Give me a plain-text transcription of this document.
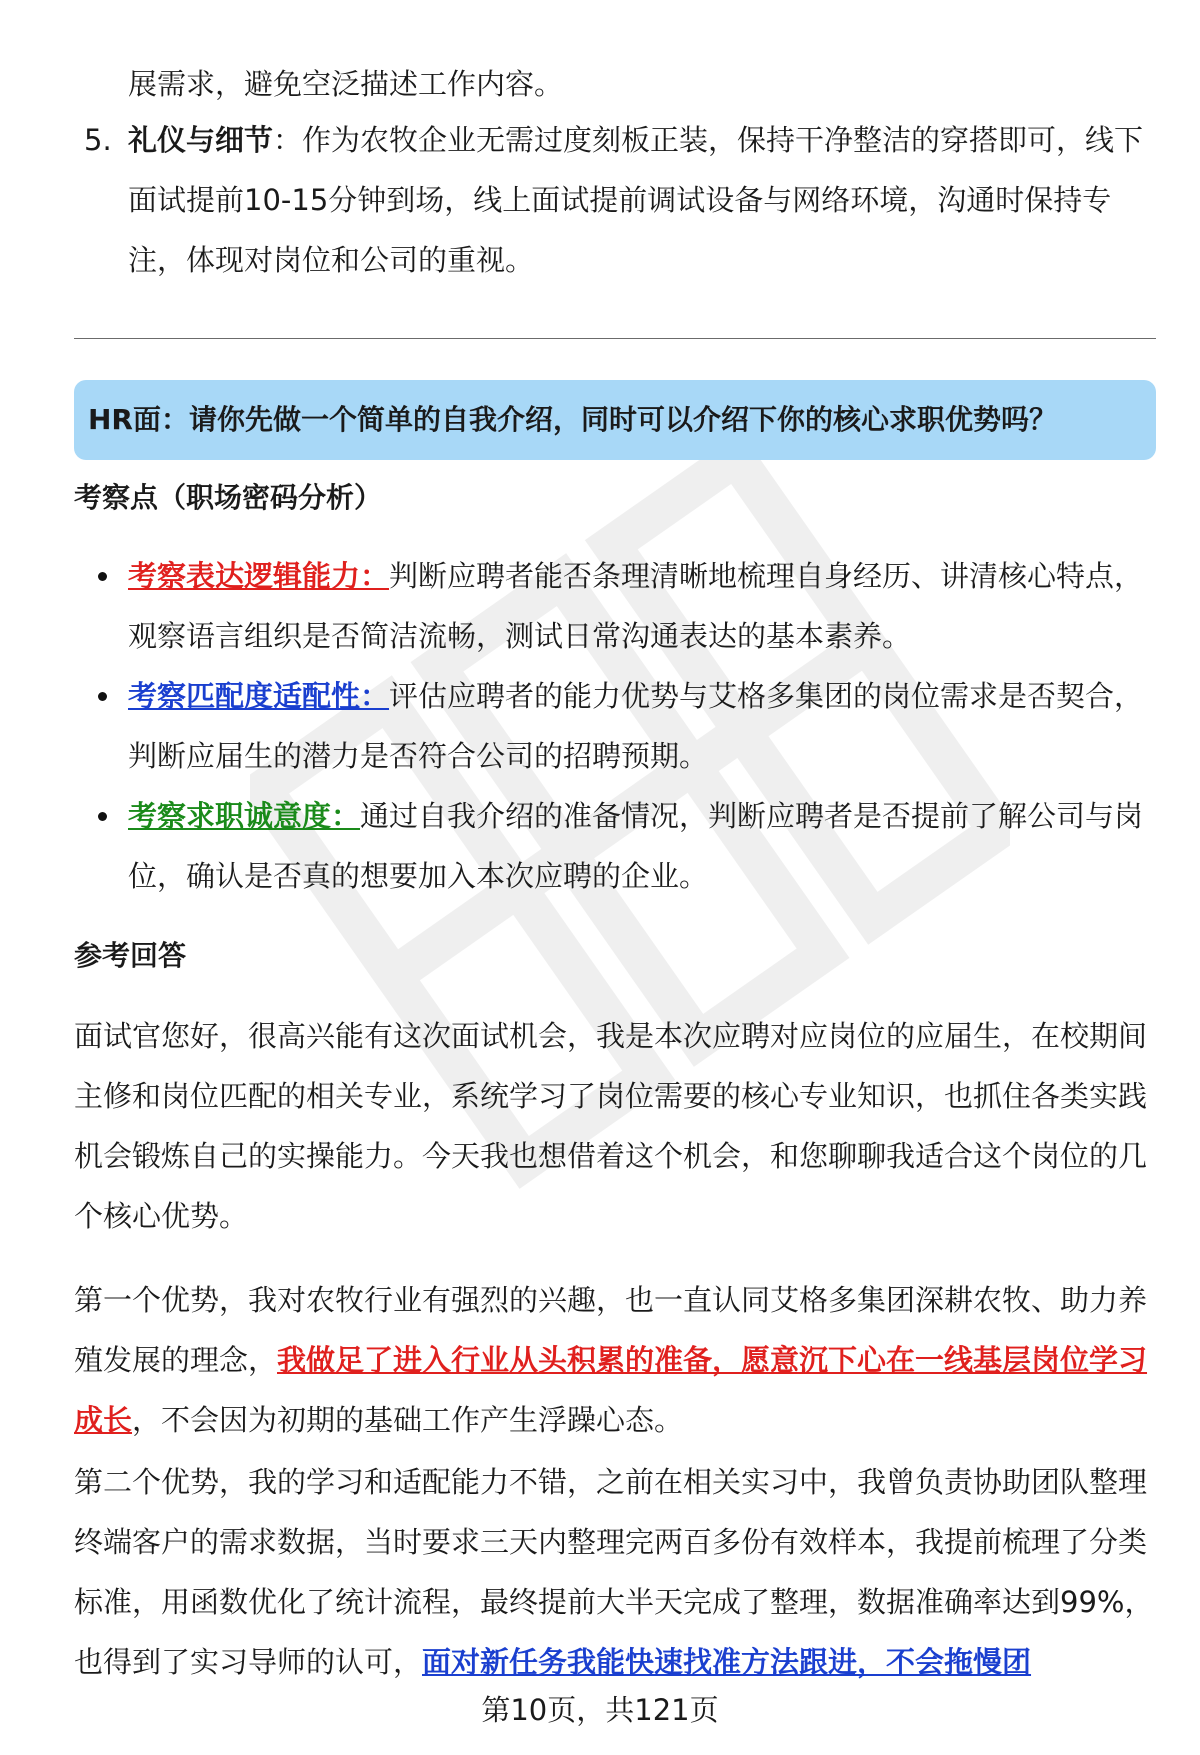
展需求，避免空泛描述工作内容。
5. 礼仪与细节：作为农牧企业无需过度刻板正装，保持干净整洁的穿搭即可，线下面试提前10-15分钟到场，线上面试提前调试设备与网络环境，沟通时保持专注，体现对岗位和公司的重视。
HR面：请你先做一个简单的自我介绍，同时可以介绍下你的核心求职优势吗？
考察点（职场密码分析）
考察表达逻辑能力：判断应聘者能否条理清晰地梳理自身经历、讲清核心特点，观察语言组织是否简洁流畅，测试日常沟通表达的基本素养。
考察匹配度适配性：评估应聘者的能力优势与艾格多集团的岗位需求是否契合，判断应届生的潜力是否符合公司的招聘预期。
考察求职诚意度：通过自我介绍的准备情况，判断应聘者是否提前了解公司与岗位，确认是否真的想要加入本次应聘的企业。
参考回答

面试官您好，很高兴能有这次面试机会，我是本次应聘对应岗位的应届生，在校期间主修和岗位匹配的相关专业，系统学习了岗位需要的核心专业知识，也抓住各类实践机会锻炼自己的实操能力。今天我也想借着这个机会，和您聊聊我适合这个岗位的几个核心优势。

第一个优势，我对农牧行业有强烈的兴趣，也一直认同艾格多集团深耕农牧、助力养殖发展的理念，我做足了进入行业从头积累的准备，愿意沉下心在一线基层岗位学习成长，不会因为初期的基础工作产生浮躁心态。

第二个优势，我的学习和适配能力不错，之前在相关实习中，我曾负责协助团队整理终端客户的需求数据，当时要求三天内整理完两百多份有效样本，我提前梳理了分类标准，用函数优化了统计流程，最终提前大半天完成了整理，数据准确率达到99%，也得到了实习导师的认可，面对新任务我能快速找准方法跟进，不会拖慢团

第10页，共121页
